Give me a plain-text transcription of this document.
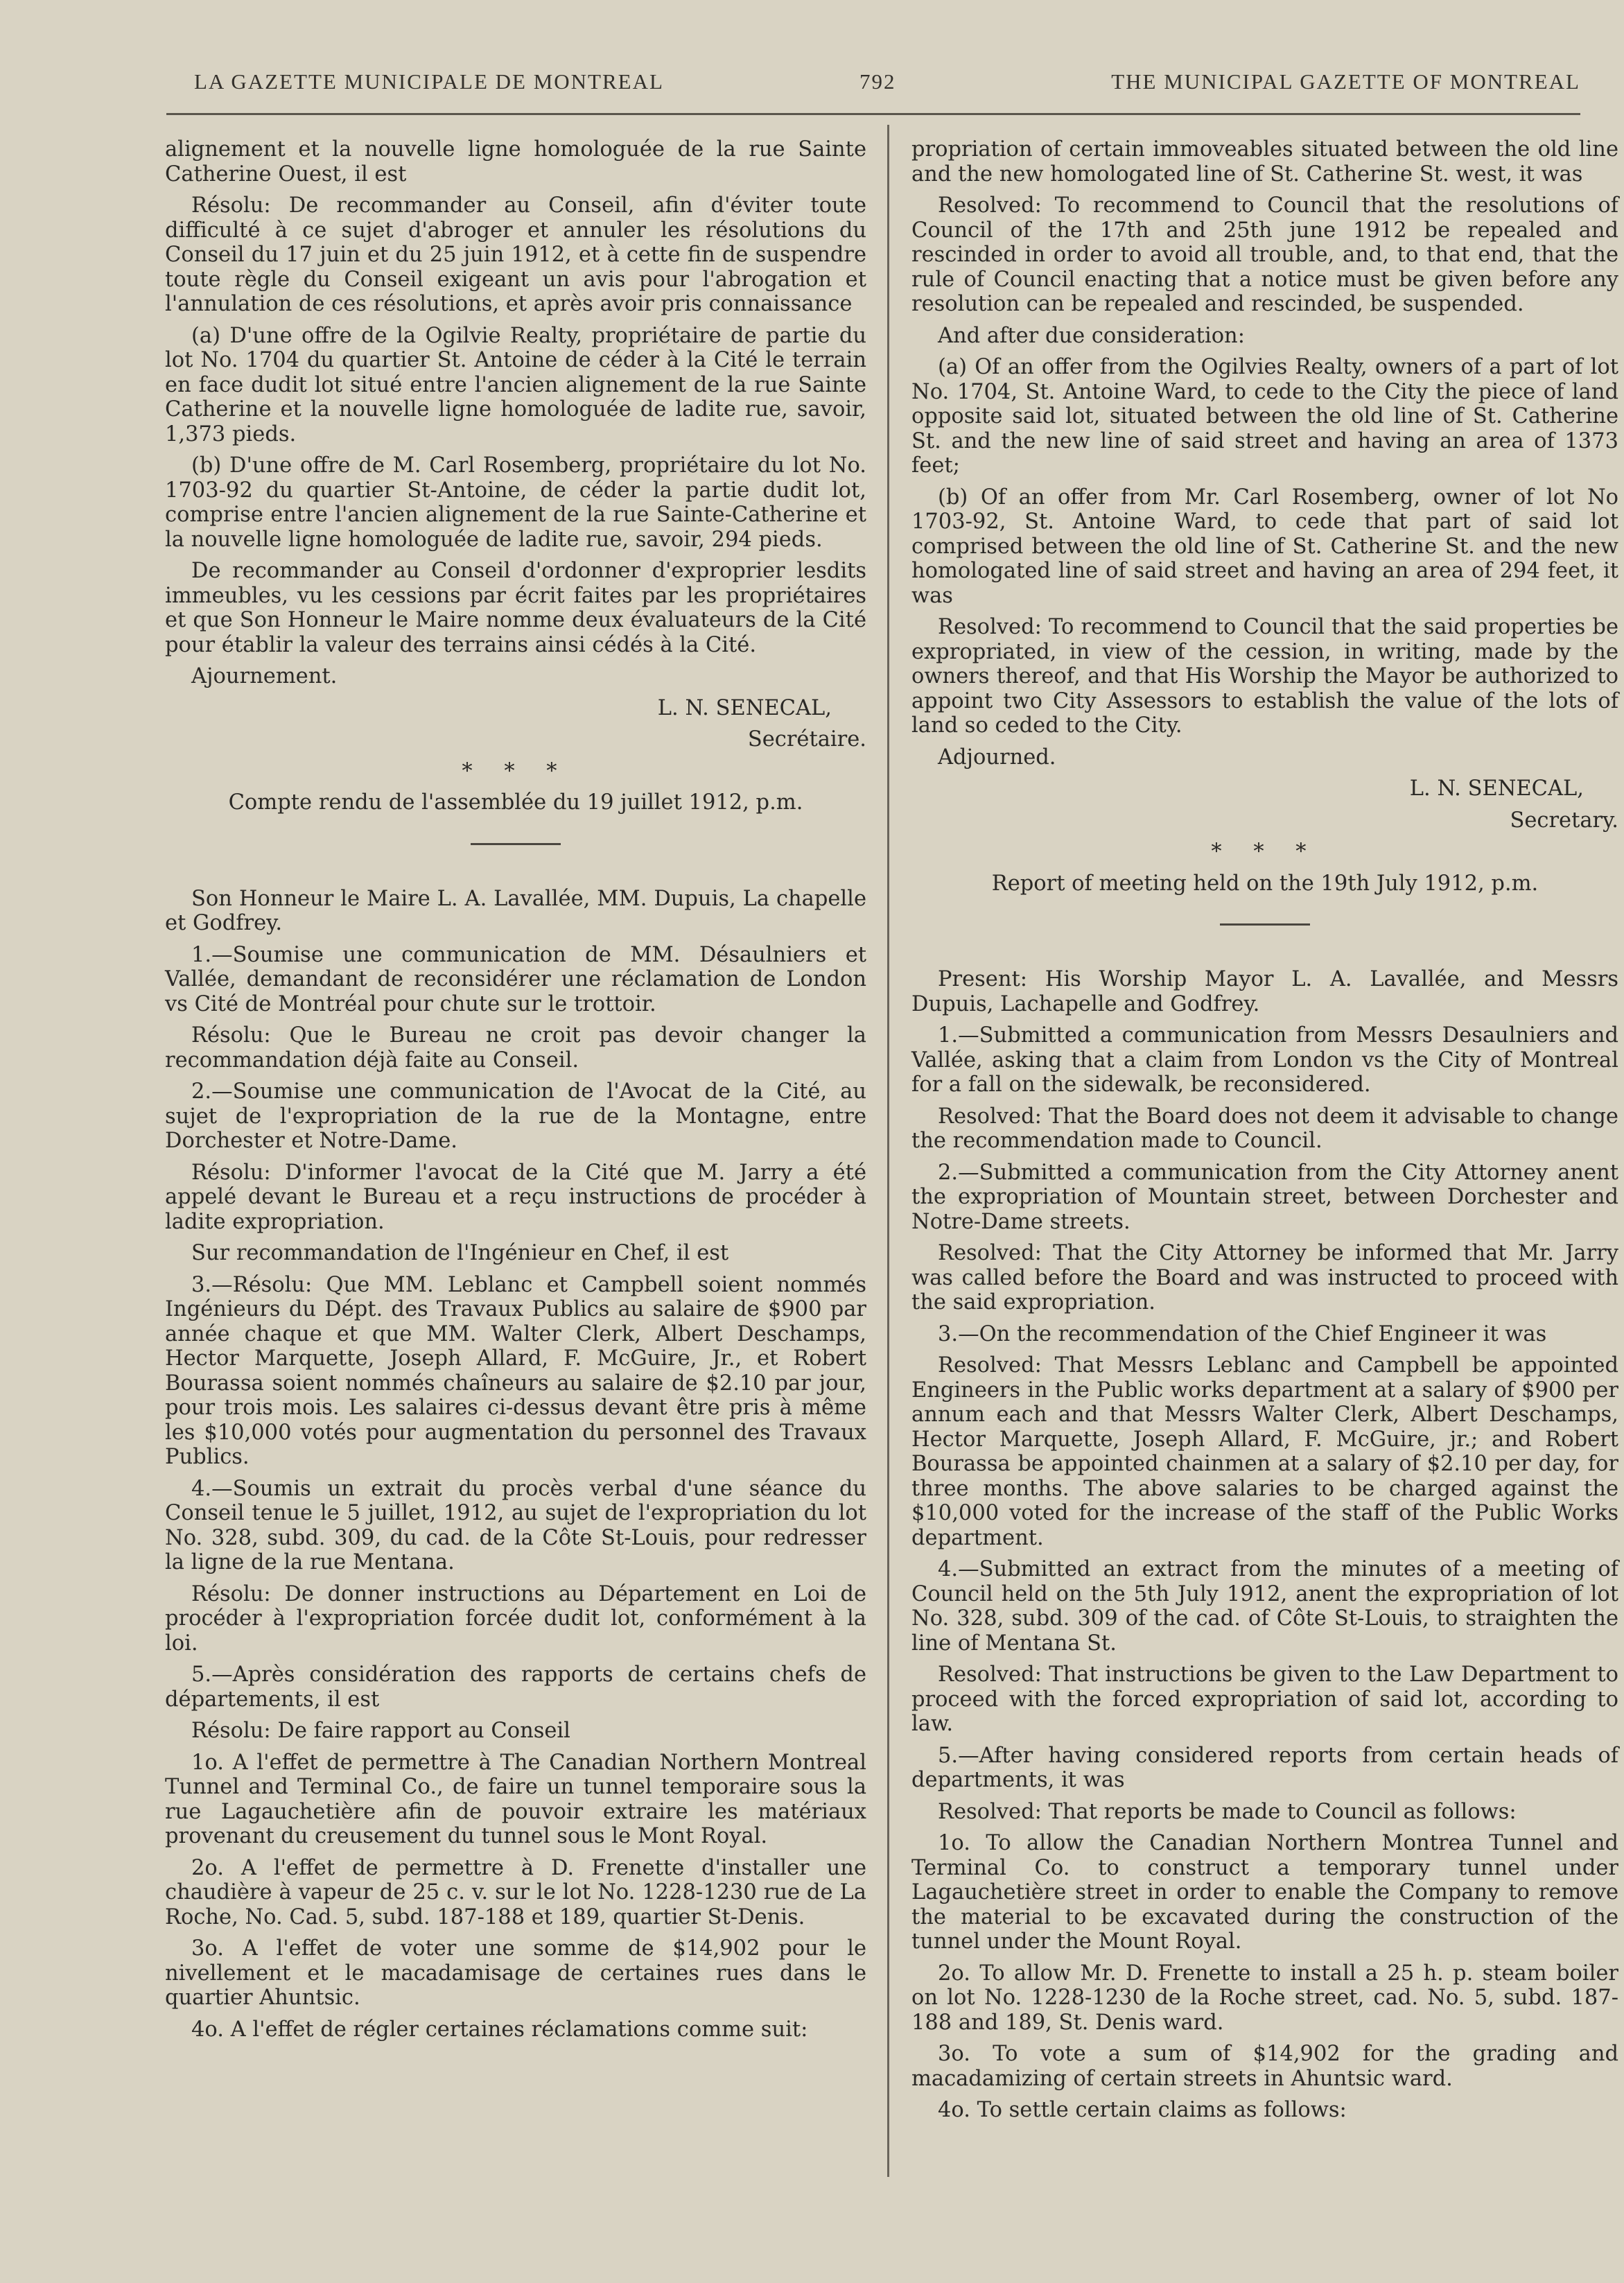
LA GAZETTE MUNICIPALE DE MONTREAL	792	THE MUNICIPAL GAZETTE OF MONTREAL

alignement et la nouvelle ligne homologuée de la rue Sainte Catherine Ouest, il est

Résolu: De recommander au Conseil, afin d'éviter toute difficulté à ce sujet d'abroger et annuler les résolutions du Conseil du 17 juin et du 25 juin 1912, et à cette fin de suspendre toute règle du Conseil exigeant un avis pour l'abrogation et l'annulation de ces résolutions, et après avoir pris connaissance

(a) D'une offre de la Ogilvie Realty, propriétaire de partie du lot No. 1704 du quartier St. Antoine de céder à la Cité le terrain en face dudit lot situé entre l'ancien alignement de la rue Sainte Catherine et la nouvelle ligne homologuée de ladite rue, savoir, 1,373 pieds.

(b) D'une offre de M. Carl Rosemberg, propriétaire du lot No. 1703-92 du quartier St-Antoine, de céder la partie dudit lot, comprise entre l'ancien alignement de la rue Sainte-Catherine et la nouvelle ligne homologuée de ladite rue, savoir, 294 pieds.

De recommander au Conseil d'ordonner d'exproprier lesdits immeubles, vu les cessions par écrit faites par les propriétaires et que Son Honneur le Maire nomme deux évaluateurs de la Cité pour établir la valeur des terrains ainsi cédés à la Cité.

Ajournement.

L. N. SENECAL,

Secrétaire.

* * *

Compte rendu de l'assemblée du 19 juillet 1912, p.m.

Son Honneur le Maire L. A. Lavallée, MM. Dupuis, La chapelle et Godfrey.

1.—Soumise une communication de MM. Désaulniers et Vallée, demandant de reconsidérer une réclamation de London vs Cité de Montréal pour chute sur le trottoir.

Résolu: Que le Bureau ne croit pas devoir changer la recommandation déjà faite au Conseil.

2.—Soumise une communication de l'Avocat de la Cité, au sujet de l'expropriation de la rue de la Montagne, entre Dorchester et Notre-Dame.

Résolu: D'informer l'avocat de la Cité que M. Jarry a été appelé devant le Bureau et a reçu instructions de procéder à ladite expropriation.

Sur recommandation de l'Ingénieur en Chef, il est

3.—Résolu: Que MM. Leblanc et Campbell soient nommés Ingénieurs du Dépt. des Travaux Publics au salaire de $900 par année chaque et que MM. Walter Clerk, Albert Deschamps, Hector Marquette, Joseph Allard, F. McGuire, Jr., et Robert Bourassa soient nommés chaîneurs au salaire de $2.10 par jour, pour trois mois. Les salaires ci-dessus devant être pris à même les $10,000 votés pour augmentation du personnel des Travaux Publics.

4.—Soumis un extrait du procès verbal d'une séance du Conseil tenue le 5 juillet, 1912, au sujet de l'expropriation du lot No. 328, subd. 309, du cad. de la Côte St-Louis, pour redresser la ligne de la rue Mentana.

Résolu: De donner instructions au Département en Loi de procéder à l'expropriation forcée dudit lot, conformément à la loi.

5.—Après considération des rapports de certains chefs de départements, il est

Résolu: De faire rapport au Conseil

1o. A l'effet de permettre à The Canadian Northern Montreal Tunnel and Terminal Co., de faire un tunnel temporaire sous la rue Lagauchetière afin de pouvoir extraire les matériaux provenant du creusement du tunnel sous le Mont Royal.

2o. A l'effet de permettre à D. Frenette d'installer une chaudière à vapeur de 25 c. v. sur le lot No. 1228-1230 rue de La Roche, No. Cad. 5, subd. 187-188 et 189, quartier St-Denis.

3o. A l'effet de voter une somme de $14,902 pour le nivellement et le macadamisage de certaines rues dans le quartier Ahuntsic.

4o. A l'effet de régler certaines réclamations comme suit:

propriation of certain immoveables situated between the old line and the new homologated line of St. Catherine St. west, it was

Resolved: To recommend to Council that the resolutions of Council of the 17th and 25th june 1912 be repealed and rescinded in order to avoid all trouble, and, to that end, that the rule of Council enacting that a notice must be given before any resolution can be repealed and rescinded, be suspended.

And after due consideration:

(a) Of an offer from the Ogilvies Realty, owners of a part of lot No. 1704, St. Antoine Ward, to cede to the City the piece of land opposite said lot, situated between the old line of St. Catherine St. and the new line of said street and having an area of 1373 feet;

(b) Of an offer from Mr. Carl Rosemberg, owner of lot No 1703-92, St. Antoine Ward, to cede that part of said lot comprised between the old line of St. Catherine St. and the new homologated line of said street and having an area of 294 feet, it was

Resolved: To recommend to Council that the said properties be expropriated, in view of the cession, in writing, made by the owners thereof, and that His Worship the Mayor be authorized to appoint two City Assessors to establish the value of the lots of land so ceded to the City.

Adjourned.

L. N. SENECAL,

Secretary.

* * *

Report of meeting held on the 19th July 1912, p.m.

Present: His Worship Mayor L. A. Lavallée, and Messrs Dupuis, Lachapelle and Godfrey.

1.—Submitted a communication from Messrs Desaulniers and Vallée, asking that a claim from London vs the City of Montreal for a fall on the sidewalk, be reconsidered.

Resolved: That the Board does not deem it advisable to change the recommendation made to Council.

2.—Submitted a communication from the City Attorney anent the expropriation of Mountain street, between Dorchester and Notre-Dame streets.

Resolved: That the City Attorney be informed that Mr. Jarry was called before the Board and was instructed to proceed with the said expropriation.

3.—On the recommendation of the Chief Engineer it was

Resolved: That Messrs Leblanc and Campbell be appointed Engineers in the Public works department at a salary of $900 per annum each and that Messrs Walter Clerk, Albert Deschamps, Hector Marquette, Joseph Allard, F. McGuire, jr.; and Robert Bourassa be appointed chainmen at a salary of $2.10 per day, for three months. The above salaries to be charged against the $10,000 voted for the increase of the staff of the Public Works department.

4.—Submitted an extract from the minutes of a meeting of Council held on the 5th July 1912, anent the expropriation of lot No. 328, subd. 309 of the cad. of Côte St-Louis, to straighten the line of Mentana St.

Resolved: That instructions be given to the Law Department to proceed with the forced expropriation of said lot, according to law.

5.—After having considered reports from certain heads of departments, it was

Resolved: That reports be made to Council as follows:

1o. To allow the Canadian Northern Montrea Tunnel and Terminal Co. to construct a temporary tunnel under Lagauchetière street in order to enable the Company to remove the material to be excavated during the construction of the tunnel under the Mount Royal.

2o. To allow Mr. D. Frenette to install a 25 h. p. steam boiler on lot No. 1228-1230 de la Roche street, cad. No. 5, subd. 187-188 and 189, St. Denis ward.

3o. To vote a sum of $14,902 for the grading and macadamizing of certain streets in Ahuntsic ward.

4o. To settle certain claims as follows:
